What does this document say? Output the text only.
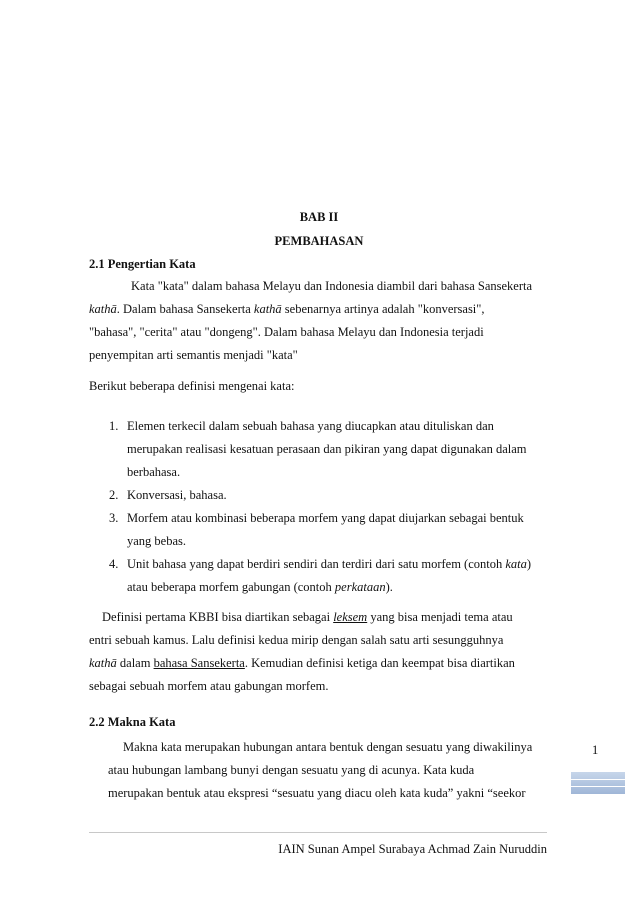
BAB II
PEMBAHASAN
2.1 Pengertian Kata
Kata "kata" dalam bahasa Melayu dan Indonesia diambil dari bahasa Sansekerta
kathā. Dalam bahasa Sansekerta kathā sebenarnya artinya adalah "konversasi",
"bahasa", "cerita" atau "dongeng". Dalam bahasa Melayu dan Indonesia terjadi
penyempitan arti semantis menjadi "kata"
Berikut beberapa definisi mengenai kata:
1. Elemen terkecil dalam sebuah bahasa yang diucapkan atau dituliskan dan
merupakan realisasi kesatuan perasaan dan pikiran yang dapat digunakan dalam
berbahasa.
2. Konversasi, bahasa.
3. Morfem atau kombinasi beberapa morfem yang dapat diujarkan sebagai bentuk
yang bebas.
4. Unit bahasa yang dapat berdiri sendiri dan terdiri dari satu morfem (contoh kata)
atau beberapa morfem gabungan (contoh perkataan).
Definisi pertama KBBI bisa diartikan sebagai leksem yang bisa menjadi tema atau
entri sebuah kamus. Lalu definisi kedua mirip dengan salah satu arti sesungguhnya
kathā dalam bahasa Sansekerta. Kemudian definisi ketiga dan keempat bisa diartikan
sebagai sebuah morfem atau gabungan morfem.
2.2 Makna Kata
Makna kata merupakan hubungan antara bentuk dengan sesuatu yang diwakilinya
atau hubungan lambang bunyi dengan sesuatu yang di acunya. Kata kuda
merupakan bentuk atau ekspresi “sesuatu yang diacu oleh kata kuda” yakni “seekor
1
IAIN Sunan Ampel Surabaya Achmad Zain Nuruddin
